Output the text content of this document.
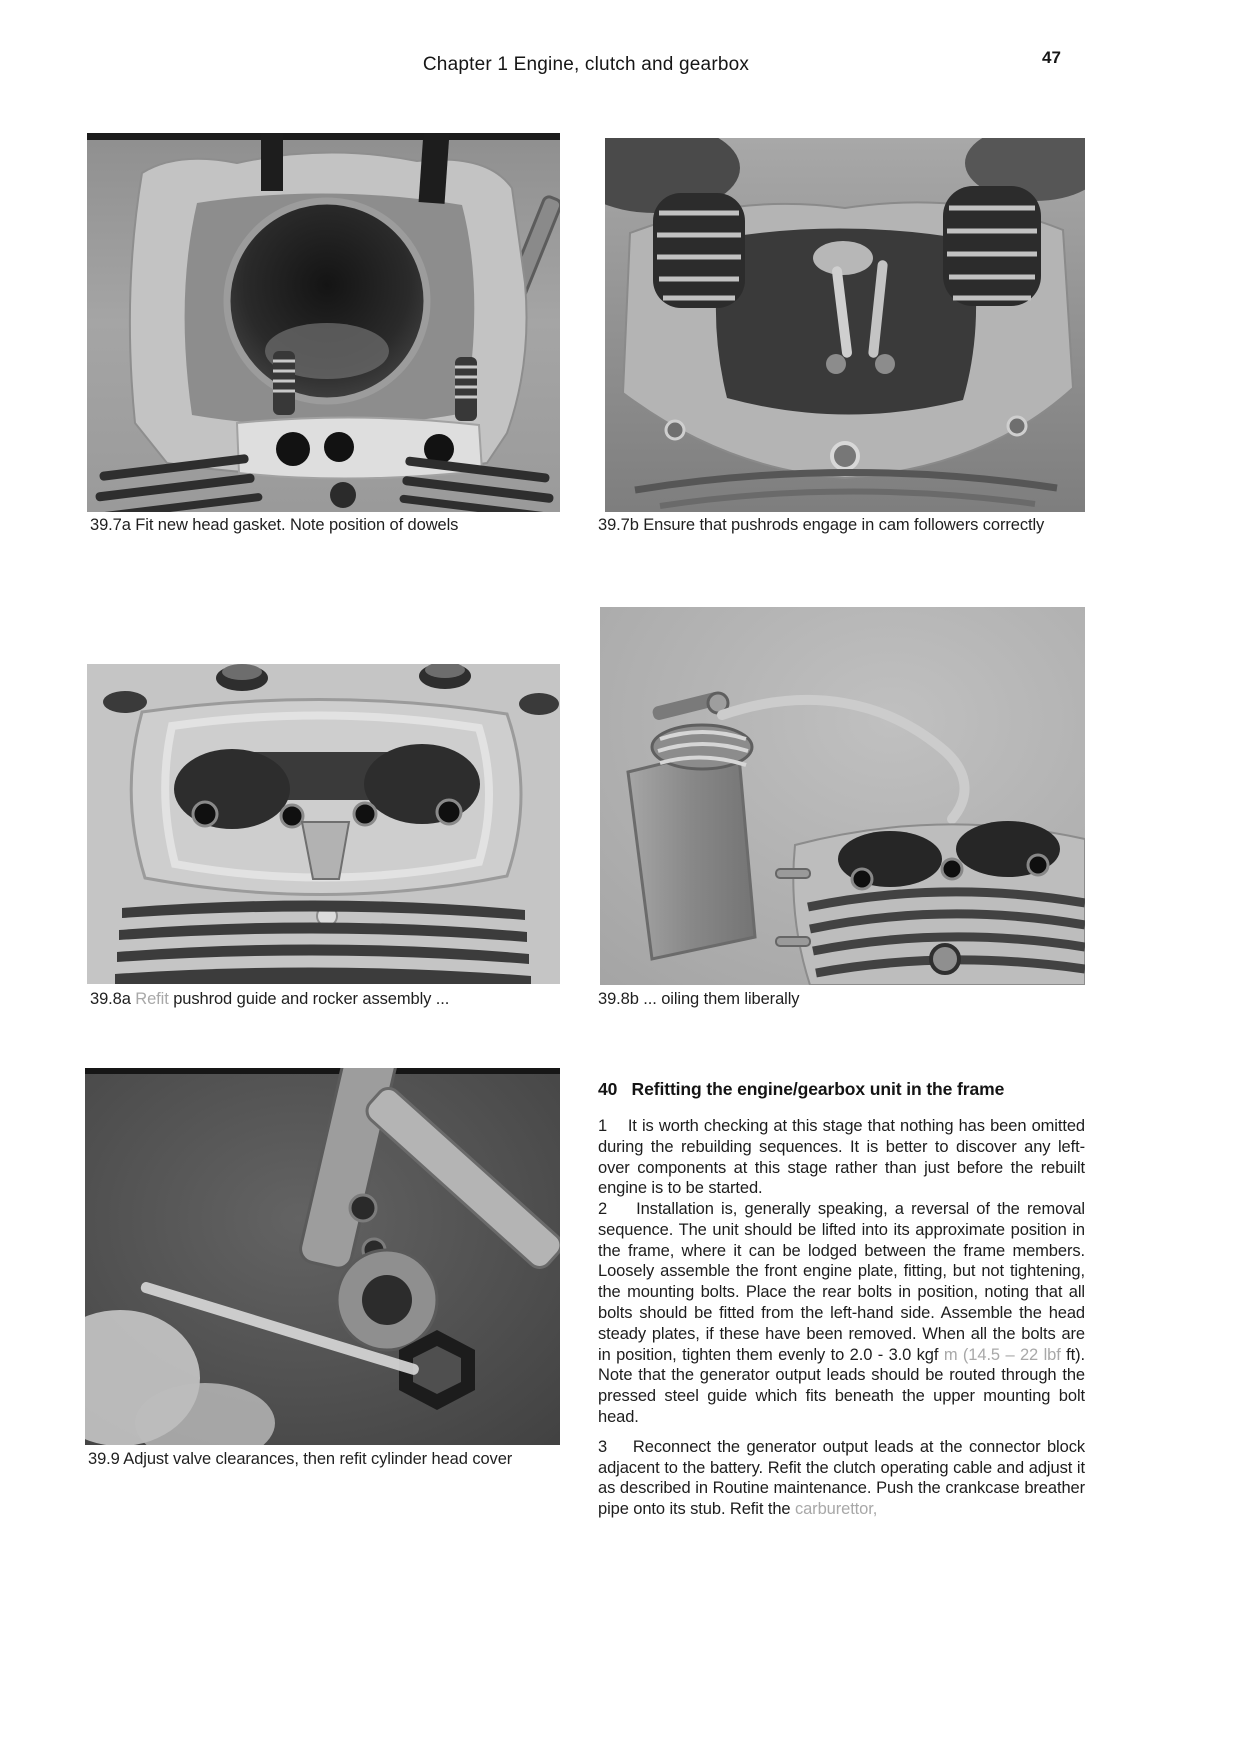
Chapter 1 Engine, clutch and gearbox	47
39.7a Fit new head gasket. Note position of dowels	39.7b Ensure that pushrods engage in cam followers correctly
39.8a Refit pushrod guide and rocker assembly ...	39.8b ... oiling them liberally
39.9 Adjust valve clearances, then refit cylinder head cover
40   Refitting the engine/gearbox unit in the frame

1    It is worth checking at this stage that nothing has been omitted during the rebuilding sequences. It is better to discover any left-over components at this stage rather than just before the rebuilt engine is to be started.

2    Installation is, generally speaking, a reversal of the removal sequence. The unit should be lifted into its approximate position in the frame, where it can be lodged between the frame members. Loosely assemble the front engine plate, fitting, but not tightening, the mounting bolts. Place the rear bolts in position, noting that all bolts should be fitted from the left-hand side. Assemble the head steady plates, if these have been removed. When all the bolts are in position, tighten them evenly to 2.0 - 3.0 kgf m (14.5 – 22 lbf ft). Note that the generator output leads should be routed through the pressed steel guide which fits beneath the upper mounting bolt head.

3    Reconnect the generator output leads at the connector block adjacent to the battery. Refit the clutch operating cable and adjust it as described in Routine maintenance. Push the crankcase breather pipe onto its stub. Refit the carburettor,
